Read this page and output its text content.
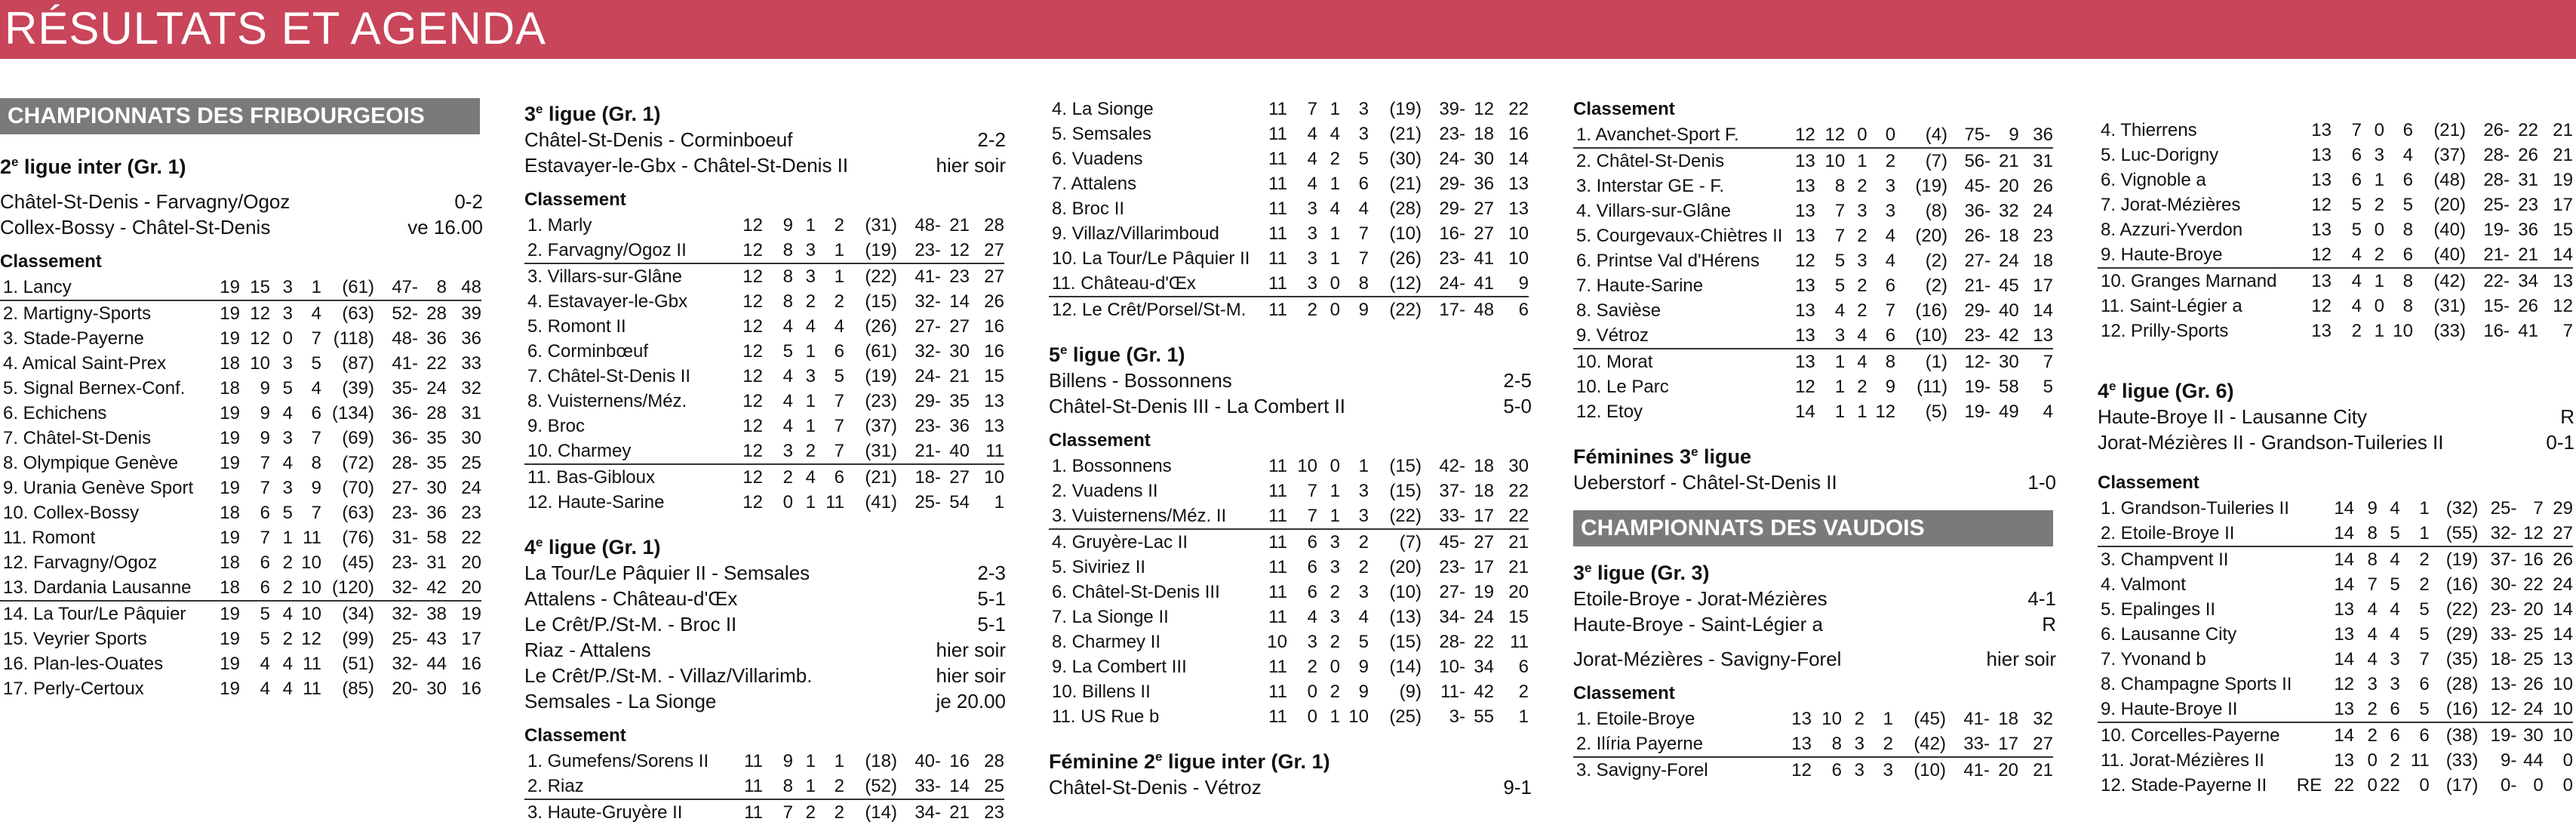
RÉSULTATS ET AGENDA
CHAMPIONNATS DES FRIBOURGEOIS
2e ligue inter (Gr. 1)
Châtel-St-Denis - Farvagny/Ogoz	0-2
Collex-Bossy - Châtel-St-Denis	ve 16.00
Classement
1. Lancy	19	15	3	1	(61)	47-	8	48
2. Martigny-Sports	19	12	3	4	(63)	52-	28	39
3. Stade-Payerne	19	12	0	7	(118)	48-	36	36
4. Amical Saint-Prex	18	10	3	5	(87)	41-	22	33
5. Signal Bernex-Conf.	18	9	5	4	(39)	35-	24	32
6. Echichens	19	9	4	6	(134)	36-	28	31
7. Châtel-St-Denis	19	9	3	7	(69)	36-	35	30
8. Olympique Genève	19	7	4	8	(72)	28-	35	25
9. Urania Genève Sport	19	7	3	9	(70)	27-	30	24
10. Collex-Bossy	18	6	5	7	(63)	23-	36	23
11. Romont	19	7	1	11	(76)	31-	58	22
12. Farvagny/Ogoz	18	6	2	10	(45)	23-	31	20
13. Dardania Lausanne	18	6	2	10	(120)	32-	42	20
14. La Tour/Le Pâquier	19	5	4	10	(34)	32-	38	19
15. Veyrier Sports	19	5	2	12	(99)	25-	43	17
16. Plan-les-Ouates	19	4	4	11	(51)	32-	44	16
17. Perly-Certoux	19	4	4	11	(85)	20-	30	16
3e ligue (Gr. 1)
Châtel-St-Denis - Corminboeuf	2-2
Estavayer-le-Gbx - Châtel-St-Denis II	hier soir
Classement
1. Marly	12	9	1	2	(31)	48-	21	28
2. Farvagny/Ogoz II	12	8	3	1	(19)	23-	12	27
3. Villars-sur-Glâne	12	8	3	1	(22)	41-	23	27
4. Estavayer-le-Gbx	12	8	2	2	(15)	32-	14	26
5. Romont II	12	4	4	4	(26)	27-	27	16
6. Corminbœuf	12	5	1	6	(61)	32-	30	16
7. Châtel-St-Denis II	12	4	3	5	(19)	24-	21	15
8. Vuisternens/Méz.	12	4	1	7	(23)	29-	35	13
9. Broc	12	4	1	7	(37)	23-	36	13
10. Charmey	12	3	2	7	(31)	21-	40	11
11. Bas-Gibloux	12	2	4	6	(21)	18-	27	10
12. Haute-Sarine	12	0	1	11	(41)	25-	54	1
4e ligue (Gr. 1)
La Tour/Le Pâquier II - Semsales	2-3
Attalens - Château-d'Œx	5-1
Le Crêt/P./St-M. - Broc II	5-1
Riaz - Attalens	hier soir
Le Crêt/P./St-M. - Villaz/Villarimb.	hier soir
Semsales - La Sionge	je 20.00
Classement
1. Gumefens/Sorens II	11	9	1	1	(18)	40-	16	28
2. Riaz	11	8	1	2	(52)	33-	14	25
3. Haute-Gruyère II	11	7	2	2	(14)	34-	21	23
4. La Sionge	11	7	1	3	(19)	39-	12	22
5. Semsales	11	4	4	3	(21)	23-	18	16
6. Vuadens	11	4	2	5	(30)	24-	30	14
7. Attalens	11	4	1	6	(21)	29-	36	13
8. Broc II	11	3	4	4	(28)	29-	27	13
9. Villaz/Villarimboud	11	3	1	7	(10)	16-	27	10
10. La Tour/Le Pâquier II	11	3	1	7	(26)	23-	41	10
11. Château-d'Œx	11	3	0	8	(12)	24-	41	9
12. Le Crêt/Porsel/St-M.	11	2	0	9	(22)	17-	48	6
5e ligue (Gr. 1)
Billens - Bossonnens	2-5
Châtel-St-Denis III - La Combert II	5-0
Classement
1. Bossonnens	11	10	0	1	(15)	42-	18	30
2. Vuadens II	11	7	1	3	(15)	37-	18	22
3. Vuisternens/Méz. II	11	7	1	3	(22)	33-	17	22
4. Gruyère-Lac II	11	6	3	2	(7)	45-	27	21
5. Siviriez II	11	6	3	2	(20)	23-	17	21
6. Châtel-St-Denis III	11	6	2	3	(10)	27-	19	20
7. La Sionge II	11	4	3	4	(13)	34-	24	15
8. Charmey II	10	3	2	5	(15)	28-	22	11
9. La Combert III	11	2	0	9	(14)	10-	34	6
10. Billens II	11	0	2	9	(9)	11-	42	2
11. US Rue b	11	0	1	10	(25)	3-	55	1
Féminine 2e ligue inter (Gr. 1)
Châtel-St-Denis - Vétroz	9-1
Classement
1. Avanchet-Sport F.	12	12	0	0	(4)	75-	9	36
2. Châtel-St-Denis	13	10	1	2	(7)	56-	21	31
3. Interstar GE - F.	13	8	2	3	(19)	45-	20	26
4. Villars-sur-Glâne	13	7	3	3	(8)	36-	32	24
5. Courgevaux-Chiètres II	13	7	2	4	(20)	26-	18	23
6. Printse Val d'Hérens	12	5	3	4	(2)	27-	24	18
7. Haute-Sarine	13	5	2	6	(2)	21-	45	17
8. Savièse	13	4	2	7	(16)	29-	40	14
9. Vétroz	13	3	4	6	(10)	23-	42	13
10. Morat	13	1	4	8	(1)	12-	30	7
10. Le Parc	12	1	2	9	(11)	19-	58	5
12. Etoy	14	1	1	12	(5)	19-	49	4
Féminines 3e ligue
Ueberstorf - Châtel-St-Denis II	1-0
CHAMPIONNATS DES VAUDOIS
3e ligue (Gr. 3)
Etoile-Broye - Jorat-Mézières	4-1
Haute-Broye - Saint-Légier a	R
Jorat-Mézières - Savigny-Forel	hier soir
Classement
1. Etoile-Broye	13	10	2	1	(45)	41-	18	32
2. Ilíria Payerne	13	8	3	2	(42)	33-	17	27
3. Savigny-Forel	12	6	3	3	(10)	41-	20	21
4. Thierrens	13	7	0	6	(21)	26-	22	21
5. Luc-Dorigny	13	6	3	4	(37)	28-	26	21
6. Vignoble a	13	6	1	6	(48)	28-	31	19
7. Jorat-Mézières	12	5	2	5	(20)	25-	23	17
8. Azzuri-Yverdon	13	5	0	8	(40)	19-	36	15
9. Haute-Broye	12	4	2	6	(40)	21-	21	14
10. Granges Marnand	13	4	1	8	(42)	22-	34	13
11. Saint-Légier a	12	4	0	8	(31)	15-	26	12
12. Prilly-Sports	13	2	1	10	(33)	16-	41	7
4e ligue (Gr. 6)
Haute-Broye II - Lausanne City	R
Jorat-Mézières II - Grandson-Tuileries II	0-1
Classement
1. Grandson-Tuileries II		14	9	4	1	(32)	25-	7	29
2. Etoile-Broye II		14	8	5	1	(55)	32-	12	27
3. Champvent II		14	8	4	2	(19)	37-	16	26
4. Valmont		14	7	5	2	(16)	30-	22	24
5. Epalinges II		13	4	4	5	(22)	23-	20	14
6. Lausanne City		13	4	4	5	(29)	33-	25	14
7. Yvonand b		14	4	3	7	(35)	18-	25	13
8. Champagne Sports II		12	3	3	6	(28)	13-	26	10
9. Haute-Broye II		13	2	6	5	(16)	12-	24	10
10. Corcelles-Payerne		14	2	6	6	(38)	19-	30	10
11. Jorat-Mézières II		13	0	2	11	(33)	9-	44	0
12. Stade-Payerne II	RE	22	0	22	0	(17)	0-	0	0
